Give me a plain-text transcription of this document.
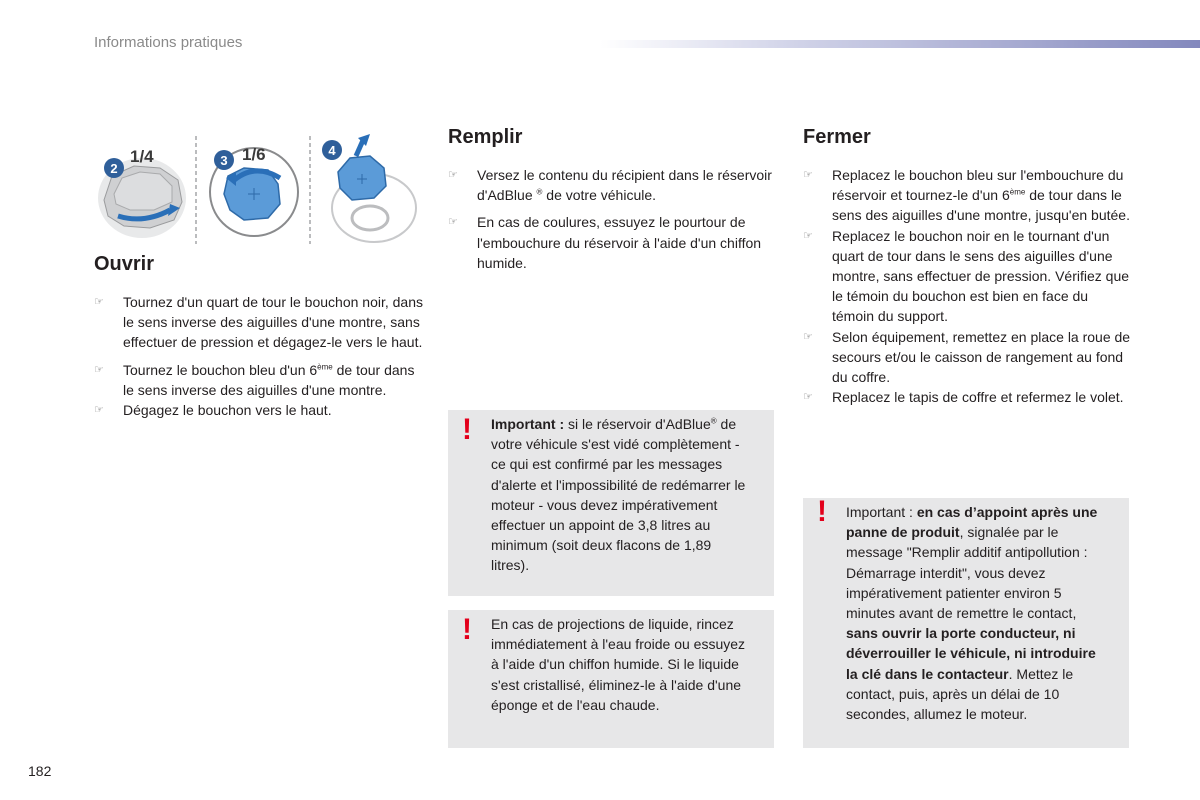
Informations pratiques
2
1/4	3 1/6	4
Ouvrir
☞	Tournez d'un quart de tour le bouchon noir, dans le sens inverse des aiguilles d'une montre, sans effectuer de pression et dégagez-le vers le haut.
☞	Tournez le bouchon bleu d'un 6ème de tour dans le sens inverse des aiguilles d'une montre.
☞	Dégagez le bouchon vers le haut.
Remplir
☞	Versez le contenu du récipient dans le réservoir d'AdBlue ® de votre véhicule.
☞	En cas de coulures, essuyez le pourtour de l'embouchure du réservoir à l'aide d'un chiffon humide.
Fermer
☞	Replacez le bouchon bleu sur l'embouchure du réservoir et tournez-le d'un 6ème de tour dans le sens des aiguilles d'une montre, jusqu'en butée.
☞	Replacez le bouchon noir en le tournant d'un quart de tour dans le sens des aiguilles d'une montre, sans effectuer de pression. Vérifiez que le témoin du bouchon est bien en face du témoin du support.
☞	Selon équipement, remettez en place la roue de secours et/ou le caisson de rangement au fond du coffre.
☞	Replacez le tapis de coffre et refermez le volet.
! Important : si le réservoir d'AdBlue® de votre véhicule s'est vidé complètement - ce qui est confirmé par les messages d'alerte et l'impossibilité de redémarrer le moteur - vous devez impérativement effectuer un appoint de 3,8 litres au minimum (soit deux flacons de 1,89 litres).
! En cas de projections de liquide, rincez immédiatement à l'eau froide ou essuyez à l'aide d'un chiffon humide. Si le liquide s'est cristallisé, éliminez-le à l'aide d'une éponge et de l'eau chaude.
! Important : en cas d’appoint après une panne de produit, signalée par le message "Remplir additif antipollution : Démarrage interdit", vous devez impérativement patienter environ 5 minutes avant de remettre le contact, sans ouvrir la porte conducteur, ni déverrouiller le véhicule, ni introduire la clé dans le contacteur. Mettez le contact, puis, après un délai de 10 secondes, allumez le moteur.
182
